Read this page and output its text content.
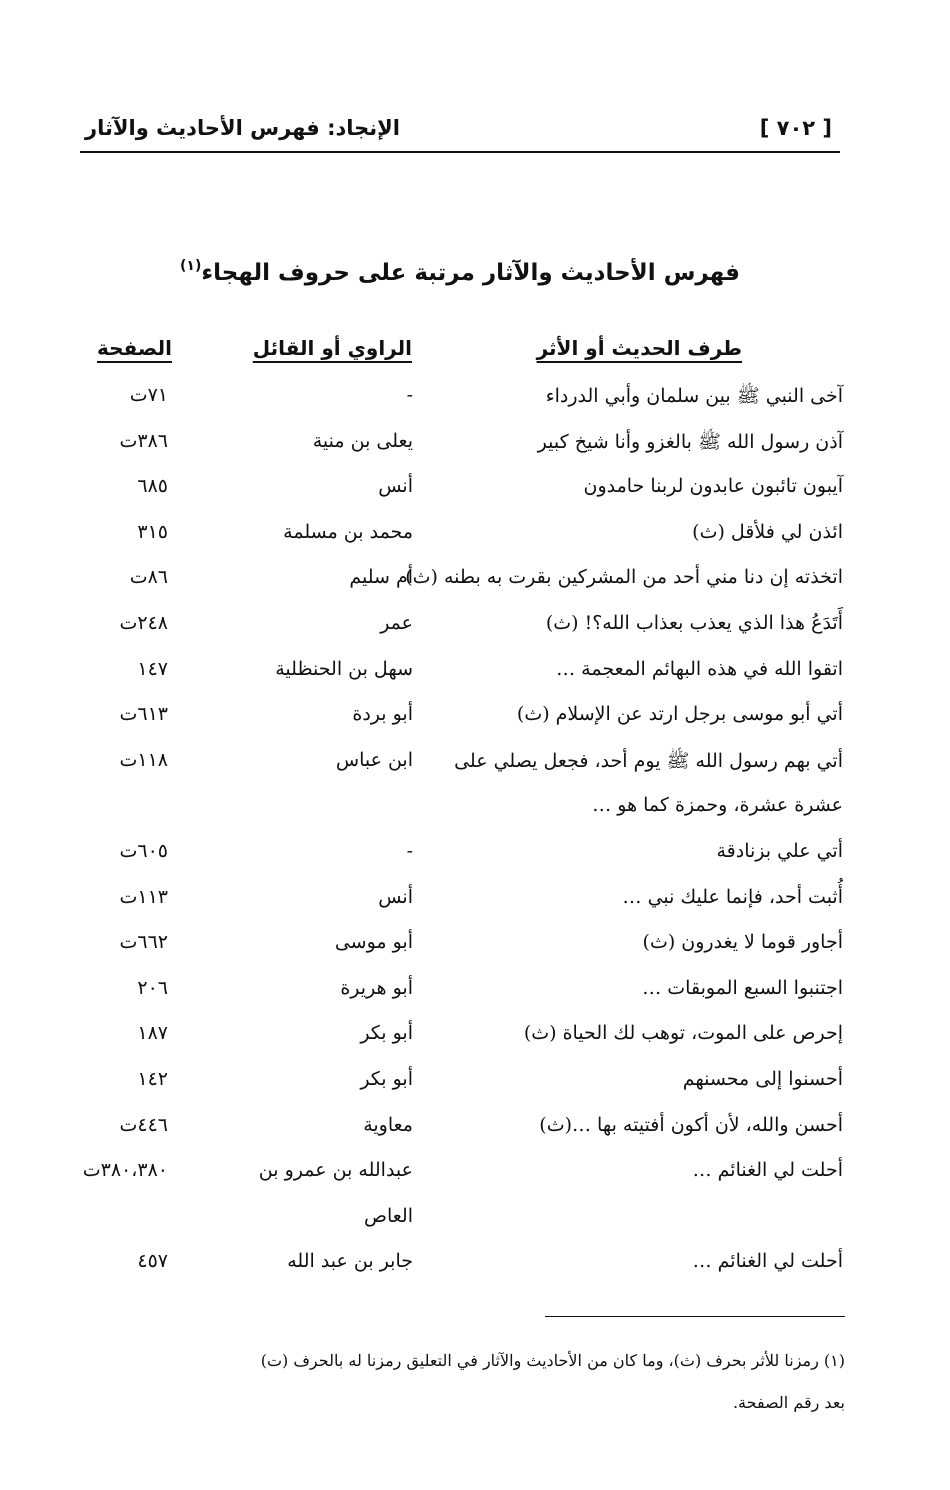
الإنجاد: فهرس الأحاديث والآثار	[ ٧٠٢ ]
فهرس الأحاديث والآثار مرتبة على حروف الهجاء$^{(١)}$
طرف الحديث أو الأثر
الراوي أو القائل
الصفحة
آخى النبي ﷺ بين سلمان وأبي الدرداء
-
٧١ت
آذن رسول الله ﷺ بالغزو وأنا شيخ كبير
يعلى بن منية
٣٨٦ت
آيبون تائبون عابدون لربنا حامدون
أنس
٦٨٥
ائذن لي فلأقل (ث)
محمد بن مسلمة
٣١٥
اتخذته إن دنا مني أحد من المشركين بقرت به بطنه (ث)
أم سليم
٨٦ت
أَتَدَعُ هذا الذي يعذب بعذاب الله؟! (ث)
عمر
٢٤٨ت
اتقوا الله في هذه البهائم المعجمة …
سهل بن الحنظلية
١٤٧
أتي أبو موسى برجل ارتد عن الإسلام (ث)
أبو بردة
٦١٣ت
أتي بهم رسول الله ﷺ يوم أحد، فجعل يصلي على
ابن عباس
١١٨ت
عشرة عشرة، وحمزة كما هو …
أتي علي بزنادقة
-
٦٠٥ت
أُثبت أحد، فإنما عليك نبي …
أنس
١١٣ت
أجاور قوما لا يغدرون (ث)
أبو موسى
٦٦٢ت
اجتنبوا السبع الموبقات …
أبو هريرة
٢٠٦
إحرص على الموت، توهب لك الحياة (ث)
أبو بكر
١٨٧
أحسنوا إلى محسنهم
أبو بكر
١٤٢
أحسن والله، لأن أكون أفتيته بها …(ث)
معاوية
٤٤٦ت
أحلت لي الغنائم …
عبدالله بن عمرو بن
٣٨٠،٣٨٠ت
العاص
أحلت لي الغنائم …
جابر بن عبد الله
٤٥٧
(١) رمزنا للأثر بحرف (ث)، وما كان من الأحاديث والآثار في التعليق رمزنا له بالحرف (ت)
بعد رقم الصفحة.
